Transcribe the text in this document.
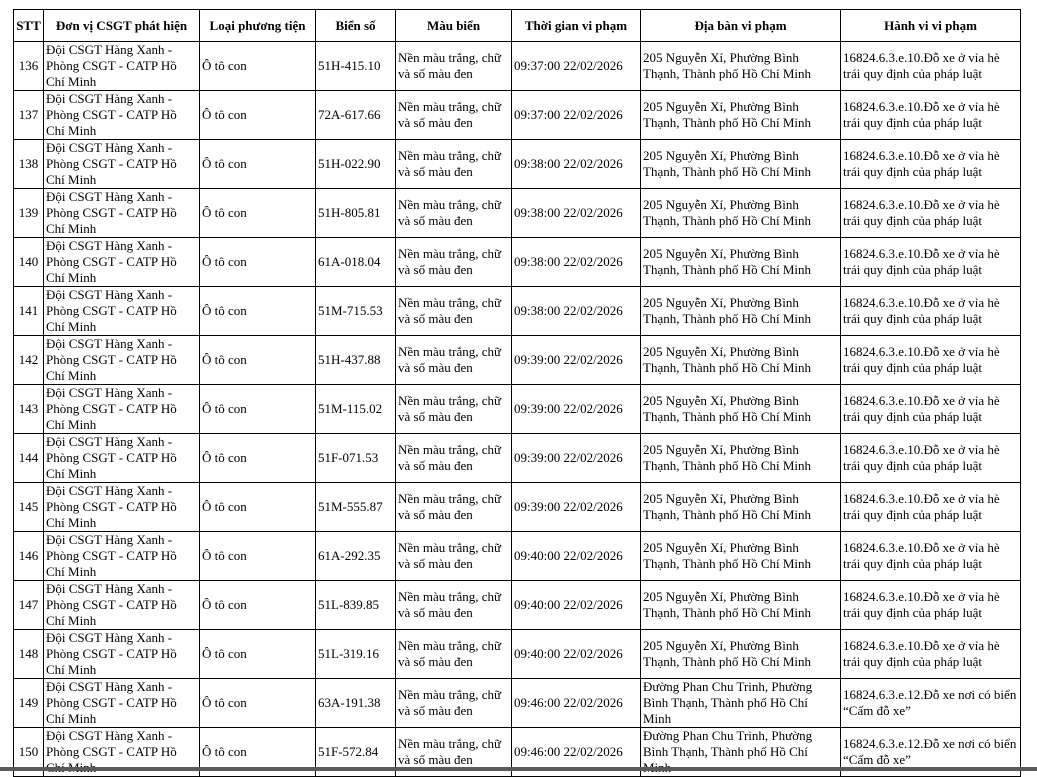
STT	Đơn vị CSGT phát hiện	Loại phương tiện	Biển số	Màu biển	Thời gian vi phạm	Địa bàn vi phạm	Hành vi vi phạm
136	Đội CSGT Hàng Xanh - Phòng CSGT - CATP Hồ Chí Minh	Ô tô con	51H-415.10	Nền màu trắng, chữ và số màu đen	09:37:00 22/02/2026	205 Nguyễn Xí, Phường Bình Thạnh, Thành phố Hồ Chí Minh	16824.6.3.e.10.Đỗ xe ở vỉa hè trái quy định của pháp luật
137	Đội CSGT Hàng Xanh - Phòng CSGT - CATP Hồ Chí Minh	Ô tô con	72A-617.66	Nền màu trắng, chữ và số màu đen	09:37:00 22/02/2026	205 Nguyễn Xí, Phường Bình Thạnh, Thành phố Hồ Chí Minh	16824.6.3.e.10.Đỗ xe ở vỉa hè trái quy định của pháp luật
138	Đội CSGT Hàng Xanh - Phòng CSGT - CATP Hồ Chí Minh	Ô tô con	51H-022.90	Nền màu trắng, chữ và số màu đen	09:38:00 22/02/2026	205 Nguyễn Xí, Phường Bình Thạnh, Thành phố Hồ Chí Minh	16824.6.3.e.10.Đỗ xe ở vỉa hè trái quy định của pháp luật
139	Đội CSGT Hàng Xanh - Phòng CSGT - CATP Hồ Chí Minh	Ô tô con	51H-805.81	Nền màu trắng, chữ và số màu đen	09:38:00 22/02/2026	205 Nguyễn Xí, Phường Bình Thạnh, Thành phố Hồ Chí Minh	16824.6.3.e.10.Đỗ xe ở vỉa hè trái quy định của pháp luật
140	Đội CSGT Hàng Xanh - Phòng CSGT - CATP Hồ Chí Minh	Ô tô con	61A-018.04	Nền màu trắng, chữ và số màu đen	09:38:00 22/02/2026	205 Nguyễn Xí, Phường Bình Thạnh, Thành phố Hồ Chí Minh	16824.6.3.e.10.Đỗ xe ở vỉa hè trái quy định của pháp luật
141	Đội CSGT Hàng Xanh - Phòng CSGT - CATP Hồ Chí Minh	Ô tô con	51M-715.53	Nền màu trắng, chữ và số màu đen	09:38:00 22/02/2026	205 Nguyễn Xí, Phường Bình Thạnh, Thành phố Hồ Chí Minh	16824.6.3.e.10.Đỗ xe ở vỉa hè trái quy định của pháp luật
142	Đội CSGT Hàng Xanh - Phòng CSGT - CATP Hồ Chí Minh	Ô tô con	51H-437.88	Nền màu trắng, chữ và số màu đen	09:39:00 22/02/2026	205 Nguyễn Xí, Phường Bình Thạnh, Thành phố Hồ Chí Minh	16824.6.3.e.10.Đỗ xe ở vỉa hè trái quy định của pháp luật
143	Đội CSGT Hàng Xanh - Phòng CSGT - CATP Hồ Chí Minh	Ô tô con	51M-115.02	Nền màu trắng, chữ và số màu đen	09:39:00 22/02/2026	205 Nguyễn Xí, Phường Bình Thạnh, Thành phố Hồ Chí Minh	16824.6.3.e.10.Đỗ xe ở vỉa hè trái quy định của pháp luật
144	Đội CSGT Hàng Xanh - Phòng CSGT - CATP Hồ Chí Minh	Ô tô con	51F-071.53	Nền màu trắng, chữ và số màu đen	09:39:00 22/02/2026	205 Nguyễn Xí, Phường Bình Thạnh, Thành phố Hồ Chí Minh	16824.6.3.e.10.Đỗ xe ở vỉa hè trái quy định của pháp luật
145	Đội CSGT Hàng Xanh - Phòng CSGT - CATP Hồ Chí Minh	Ô tô con	51M-555.87	Nền màu trắng, chữ và số màu đen	09:39:00 22/02/2026	205 Nguyễn Xí, Phường Bình Thạnh, Thành phố Hồ Chí Minh	16824.6.3.e.10.Đỗ xe ở vỉa hè trái quy định của pháp luật
146	Đội CSGT Hàng Xanh - Phòng CSGT - CATP Hồ Chí Minh	Ô tô con	61A-292.35	Nền màu trắng, chữ và số màu đen	09:40:00 22/02/2026	205 Nguyễn Xí, Phường Bình Thạnh, Thành phố Hồ Chí Minh	16824.6.3.e.10.Đỗ xe ở vỉa hè trái quy định của pháp luật
147	Đội CSGT Hàng Xanh - Phòng CSGT - CATP Hồ Chí Minh	Ô tô con	51L-839.85	Nền màu trắng, chữ và số màu đen	09:40:00 22/02/2026	205 Nguyễn Xí, Phường Bình Thạnh, Thành phố Hồ Chí Minh	16824.6.3.e.10.Đỗ xe ở vỉa hè trái quy định của pháp luật
148	Đội CSGT Hàng Xanh - Phòng CSGT - CATP Hồ Chí Minh	Ô tô con	51L-319.16	Nền màu trắng, chữ và số màu đen	09:40:00 22/02/2026	205 Nguyễn Xí, Phường Bình Thạnh, Thành phố Hồ Chí Minh	16824.6.3.e.10.Đỗ xe ở vỉa hè trái quy định của pháp luật
149	Đội CSGT Hàng Xanh - Phòng CSGT - CATP Hồ Chí Minh	Ô tô con	63A-191.38	Nền màu trắng, chữ và số màu đen	09:46:00 22/02/2026	Đường Phan Chu Trinh, Phường Bình Thạnh, Thành phố Hồ Chí Minh	16824.6.3.e.12.Đỗ xe nơi có biển “Cấm đỗ xe”
150	Đội CSGT Hàng Xanh - Phòng CSGT - CATP Hồ	Ô tô con	51F-572.84	Nền màu trắng, chữ và số màu đen	09:46:00 22/02/2026	Đường Phan Chu Trinh, Phường Bình Thạnh, Thành phố Hồ Chí	16824.6.3.e.12.Đỗ xe nơi có biển “Cấm đỗ xe”
